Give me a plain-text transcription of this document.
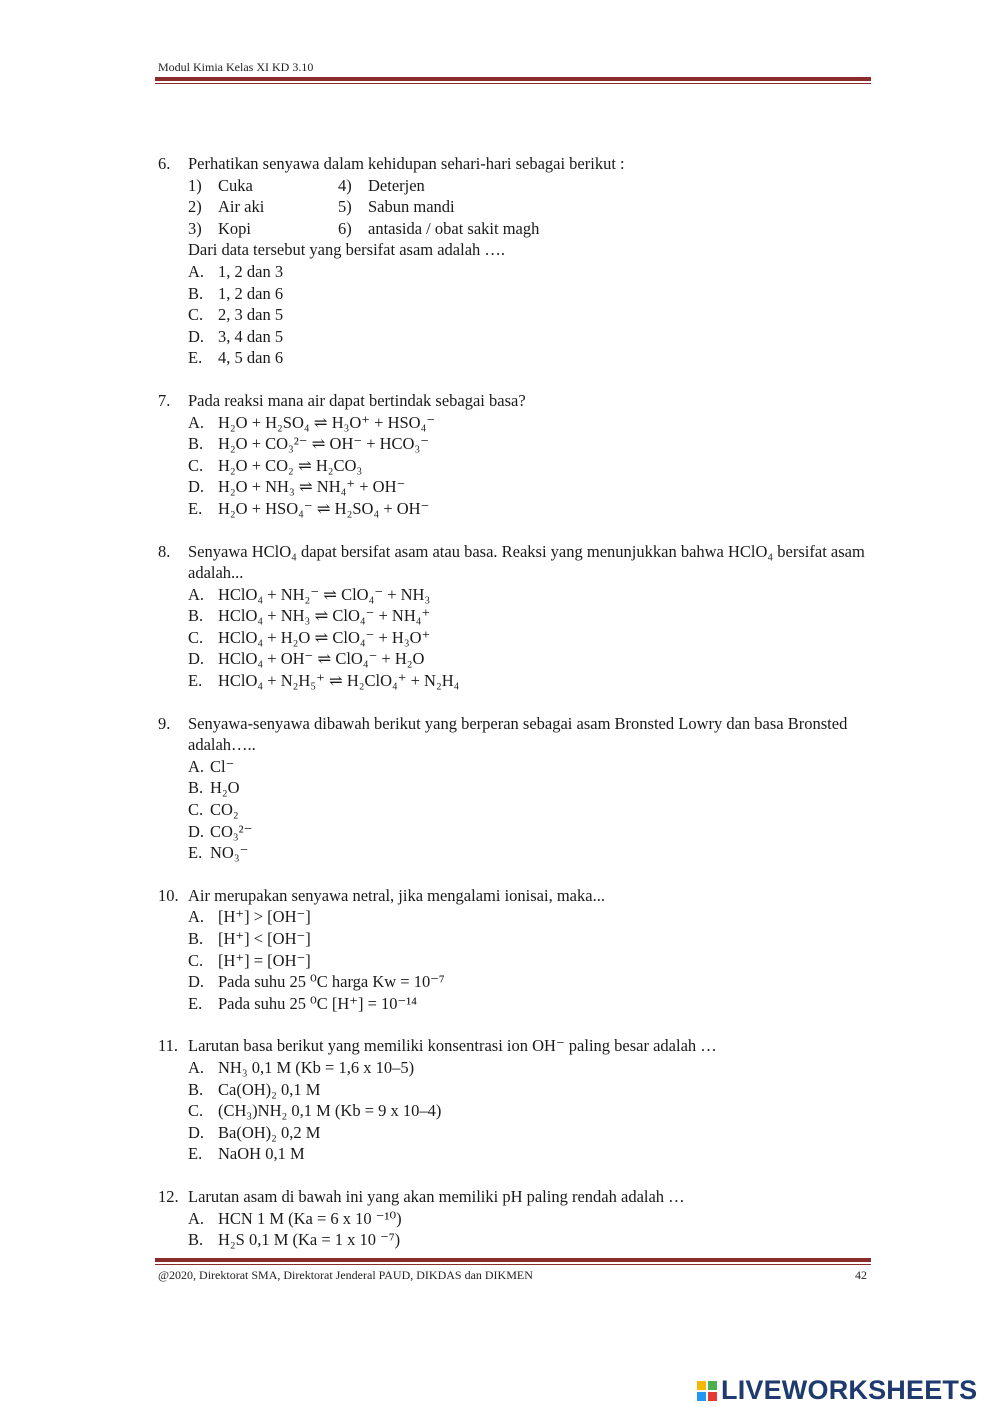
Modul Kimia Kelas XI KD 3.10
6.	Perhatikan senyawa dalam kehidupan sehari-hari sebagai berikut :
1) Cuka	4) Deterjen
2) Air aki	5) Sabun mandi
3) Kopi	6) antasida / obat sakit magh
Dari data tersebut yang bersifat asam adalah ….
A. 1, 2 dan 3
B. 1, 2 dan 6
C. 2, 3 dan 5
D. 3, 4 dan 5
E. 4, 5 dan 6
7.	Pada reaksi mana air dapat bertindak sebagai basa?
A. H₂O + H₂SO₄ ⇌ H₃O⁺ + HSO₄⁻
B. H₂O + CO₃²⁻ ⇌ OH⁻ + HCO₃⁻
C. H₂O + CO₂ ⇌ H₂CO₃
D. H₂O + NH₃ ⇌ NH₄⁺ + OH⁻
E. H₂O + HSO₄⁻ ⇌ H₂SO₄ + OH⁻
8.	Senyawa HClO₄ dapat bersifat asam atau basa. Reaksi yang menunjukkan bahwa HClO₄ bersifat asam adalah...
A. HClO₄ + NH₂⁻ ⇌ ClO₄⁻ + NH₃
B. HClO₄ + NH₃ ⇌ ClO₄⁻ + NH₄⁺
C. HClO₄ + H₂O ⇌ ClO₄⁻ + H₃O⁺
D. HClO₄ + OH⁻ ⇌ ClO₄⁻ + H₂O
E. HClO₄ + N₂H₅⁺ ⇌ H₂ClO₄⁺ + N₂H₄
9.	Senyawa-senyawa dibawah berikut yang berperan sebagai asam Bronsted Lowry dan basa Bronsted adalah…..
A. Cl⁻
B. H₂O
C. CO₂
D. CO₃²⁻
E. NO₃⁻
10. Air merupakan senyawa netral, jika mengalami ionisai, maka...
A. [H⁺] > [OH⁻]
B. [H⁺] < [OH⁻]
C. [H⁺] = [OH⁻]
D. Pada suhu 25 ⁰C harga Kw = 10⁻⁷
E. Pada suhu 25 ⁰C [H⁺] = 10⁻¹⁴
11. Larutan basa berikut yang memiliki konsentrasi ion OH⁻ paling besar adalah …
A. NH₃ 0,1 M (Kb = 1,6 x 10–5)
B. Ca(OH)₂ 0,1 M
C. (CH₃)NH₂ 0,1 M (Kb = 9 x 10–4)
D. Ba(OH)₂ 0,2 M
E. NaOH 0,1 M
12. Larutan asam di bawah ini yang akan memiliki pH paling rendah adalah …
A. HCN 1 M (Ka = 6 x 10 ⁻¹⁰)
B. H₂S 0,1 M (Ka = 1 x 10 ⁻⁷)
@2020, Direktorat SMA, Direktorat Jenderal PAUD, DIKDAS dan DIKMEN	42
LIVEWORKSHEETS
